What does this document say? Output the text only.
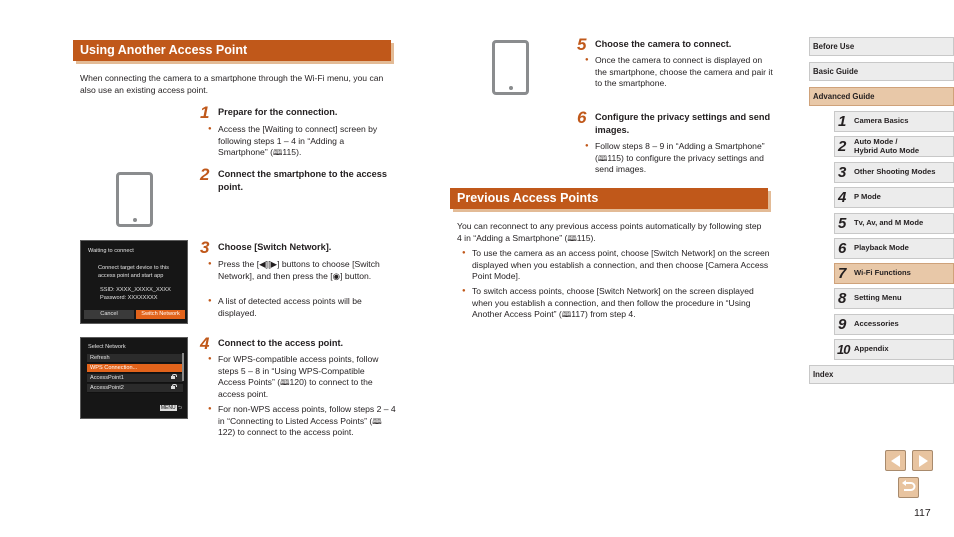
Using Another Access Point
When connecting the camera to a smartphone through the Wi-Fi menu, you can also use an existing access point.
1 Prepare for the connection.
● Access the [Waiting to connect] screen by following steps 1 – 4 in “Adding a Smartphone” (🕮115).
2 Connect the smartphone to the access point.
Waiting to connect
Connect target device to this
access point and start app
SSID: XXXX_XXXXX_XXXX
Password: XXXXXXXX
Cancel	Switch Network
3 Choose [Switch Network].
● Press the [◀][▶] buttons to choose [Switch Network], and then press the [◉] button.
● A list of detected access points will be displayed.
Select Network
Refresh
WPS Connection...
AccessPoint1
AccessPoint2
MENU ⮌
4 Connect to the access point.
● For WPS-compatible access points, follow steps 5 – 8 in “Using WPS-Compatible Access Points” (🕮120) to connect to the access point.
● For non-WPS access points, follow steps 2 – 4 in “Connecting to Listed Access Points” (🕮122) to connect to the access point.
5 Choose the camera to connect.
● Once the camera to connect is displayed on the smartphone, choose the camera and pair it to the smartphone.
6 Configure the privacy settings and send images.
● Follow steps 8 – 9 in “Adding a Smartphone” (🕮115) to configure the privacy settings and send images.
Previous Access Points
You can reconnect to any previous access points automatically by following step 4 in “Adding a Smartphone” (🕮115).
● To use the camera as an access point, choose [Switch Network] on the screen displayed when you establish a connection, and then choose [Camera Access Point Mode].
● To switch access points, choose [Switch Network] on the screen displayed when you establish a connection, and then follow the procedure in “Using Another Access Point” (🕮117) from step 4.
Before Use
Basic Guide
Advanced Guide
1 Camera Basics
2 Auto Mode /
Hybrid Auto Mode
3 Other Shooting Modes
4 P Mode
5 Tv, Av, and M Mode
6 Playback Mode
7 Wi-Fi Functions
8 Setting Menu
9 Accessories
10 Appendix
Index
117
